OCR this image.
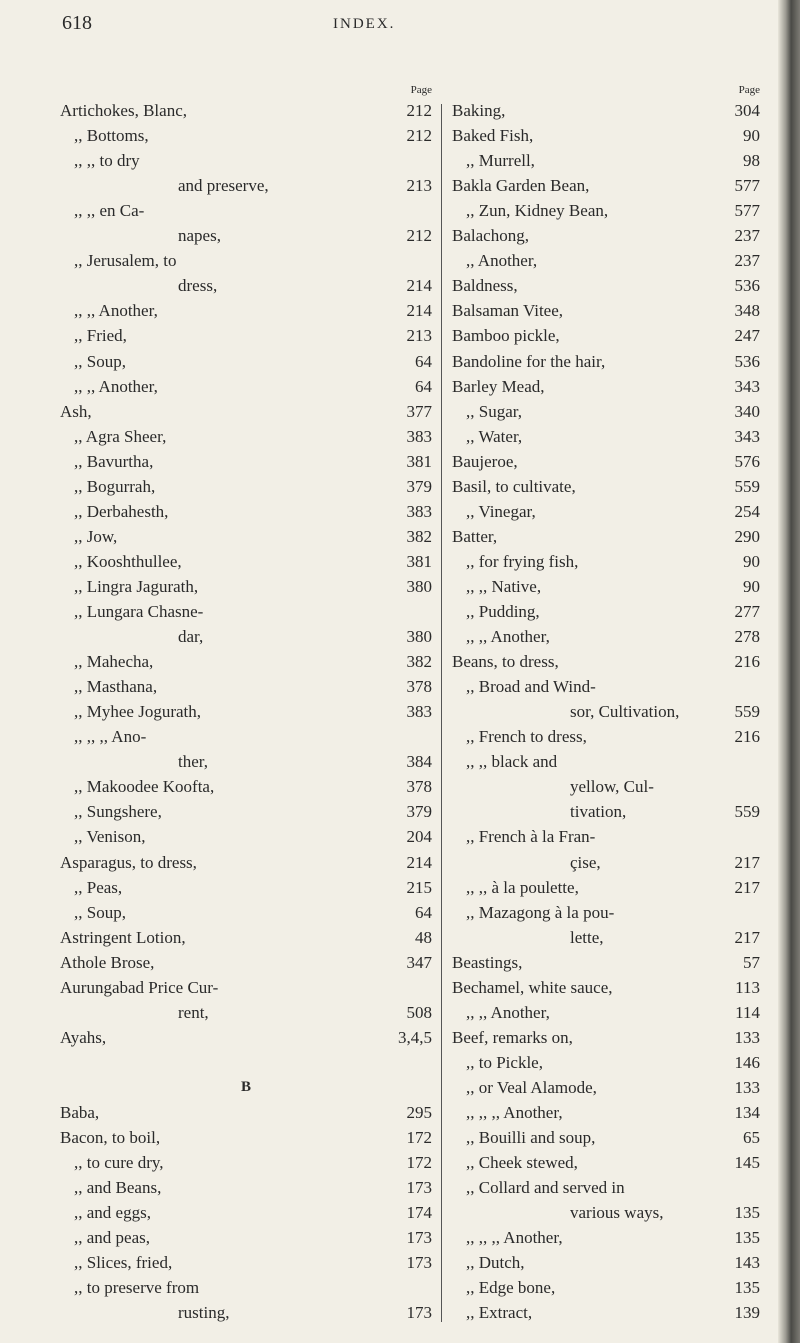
618	INDEX.
Page
Artichokes, Blanc,	212
,, Bottoms,	212
,, ,, to dry
and preserve,	213
,, ,, en Ca-
napes,	212
,, Jerusalem, to
dress,	214
,, ,, Another,	214
,, Fried,	213
,, Soup,	64
,, ,, Another,	64
Ash,	377
,, Agra Sheer,	383
,, Bavurtha,	381
,, Bogurrah,	379
,, Derbahesth,	383
,, Jow,	382
,, Kooshthullee,	381
,, Lingra Jagurath,	380
,, Lungara Chasne-
dar,	380
,, Mahecha,	382
,, Masthana,	378
,, Myhee Jogurath,	383
,, ,, ,, Ano-
ther,	384
,, Makoodee Koofta,	378
,, Sungshere,	379
,, Venison,	204
Asparagus, to dress,	214
,, Peas,	215
,, Soup,	64
Astringent Lotion,	48
Athole Brose,	347
Aurungabad Price Cur-
rent,	508
Ayahs,	3,4,5
B
Baba,	295
Bacon, to boil,	172
,, to cure dry,	172
,, and Beans,	173
,, and eggs,	174
,, and peas,	173
,, Slices, fried,	173
,, to preserve from
rusting,	173
Page
Baking,	304
Baked Fish,	90
,, Murrell,	98
Bakla Garden Bean,	577
,, Zun, Kidney Bean,	577
Balachong,	237
,, Another,	237
Baldness,	536
Balsaman Vitee,	348
Bamboo pickle,	247
Bandoline for the hair,	536
Barley Mead,	343
,, Sugar,	340
,, Water,	343
Baujeroe,	576
Basil, to cultivate,	559
,, Vinegar,	254
Batter,	290
,, for frying fish,	90
,, ,, Native,	90
,, Pudding,	277
,, ,, Another,	278
Beans, to dress,	216
,, Broad and Wind-
sor, Cultivation,	559
,, French to dress,	216
,, ,, black and
yellow, Cul-
tivation,	559
,, French à la Fran-
çise,	217
,, ,, à la poulette,	217
,, Mazagong à la pou-
lette,	217
Beastings,	57
Bechamel, white sauce,	113
,, ,, Another,	114
Beef, remarks on,	133
,, to Pickle,	146
,, or Veal Alamode,	133
,, ,, ,, Another,	134
,, Bouilli and soup,	65
,, Cheek stewed,	145
,, Collard and served in
various ways,	135
,, ,, ,, Another,	135
,, Dutch,	143
,, Edge bone,	135
,, Extract,	139
